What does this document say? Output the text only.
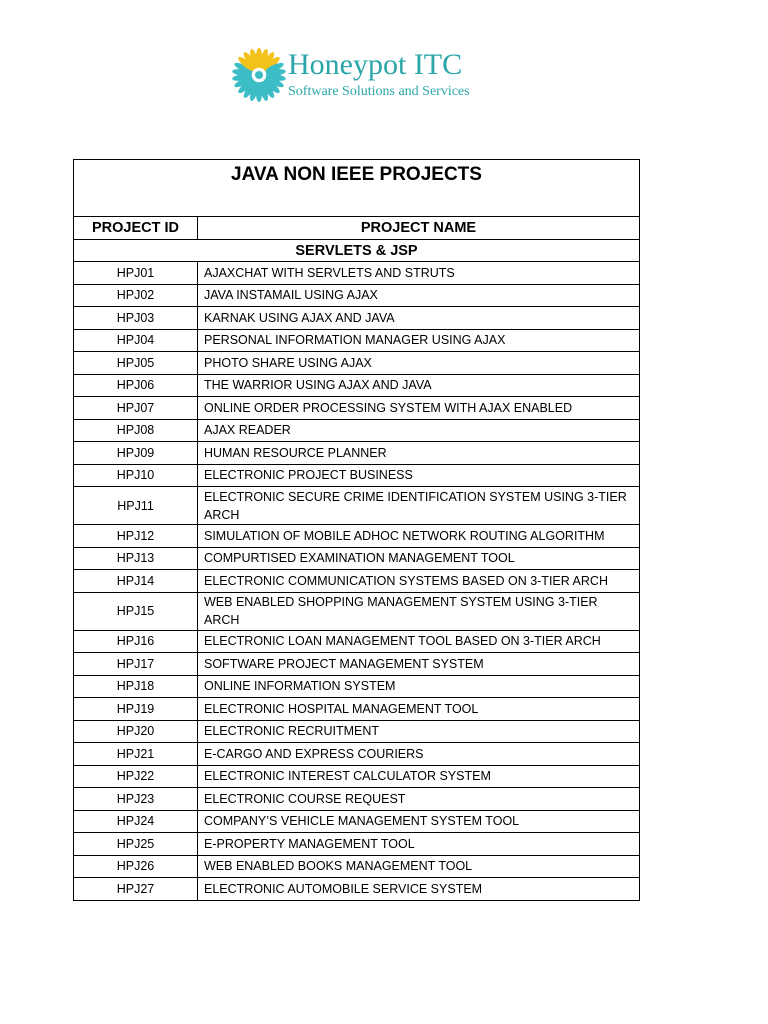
Honeypot ITC
Software Solutions and Services
JAVA NON IEEE PROJECTS	
PROJECT ID	PROJECT NAME
SERVLETS & JSP	
HPJ01	AJAXCHAT WITH SERVLETS AND STRUTS
HPJ02	JAVA INSTAMAIL USING AJAX
HPJ03	KARNAK USING AJAX AND JAVA
HPJ04	PERSONAL INFORMATION MANAGER USING AJAX
HPJ05	PHOTO SHARE USING AJAX
HPJ06	THE WARRIOR USING AJAX AND JAVA
HPJ07	ONLINE ORDER PROCESSING SYSTEM WITH AJAX ENABLED
HPJ08	AJAX READER
HPJ09	HUMAN RESOURCE PLANNER
HPJ10	ELECTRONIC PROJECT BUSINESS
HPJ11	ELECTRONIC SECURE CRIME IDENTIFICATION SYSTEM USING 3-TIER ARCH
HPJ12	SIMULATION OF MOBILE ADHOC NETWORK ROUTING ALGORITHM
HPJ13	COMPURTISED EXAMINATION MANAGEMENT TOOL
HPJ14	ELECTRONIC COMMUNICATION SYSTEMS BASED ON 3-TIER ARCH
HPJ15	WEB ENABLED SHOPPING MANAGEMENT SYSTEM USING 3-TIER ARCH
HPJ16	ELECTRONIC LOAN MANAGEMENT TOOL BASED ON 3-TIER ARCH
HPJ17	SOFTWARE PROJECT MANAGEMENT SYSTEM
HPJ18	ONLINE INFORMATION SYSTEM
HPJ19	ELECTRONIC HOSPITAL MANAGEMENT TOOL
HPJ20	ELECTRONIC RECRUITMENT
HPJ21	E-CARGO AND EXPRESS COURIERS
HPJ22	ELECTRONIC INTEREST CALCULATOR SYSTEM
HPJ23	ELECTRONIC COURSE REQUEST
HPJ24	COMPANY’S VEHICLE MANAGEMENT SYSTEM TOOL
HPJ25	E-PROPERTY MANAGEMENT TOOL
HPJ26	WEB ENABLED BOOKS MANAGEMENT TOOL
HPJ27	ELECTRONIC AUTOMOBILE SERVICE SYSTEM
